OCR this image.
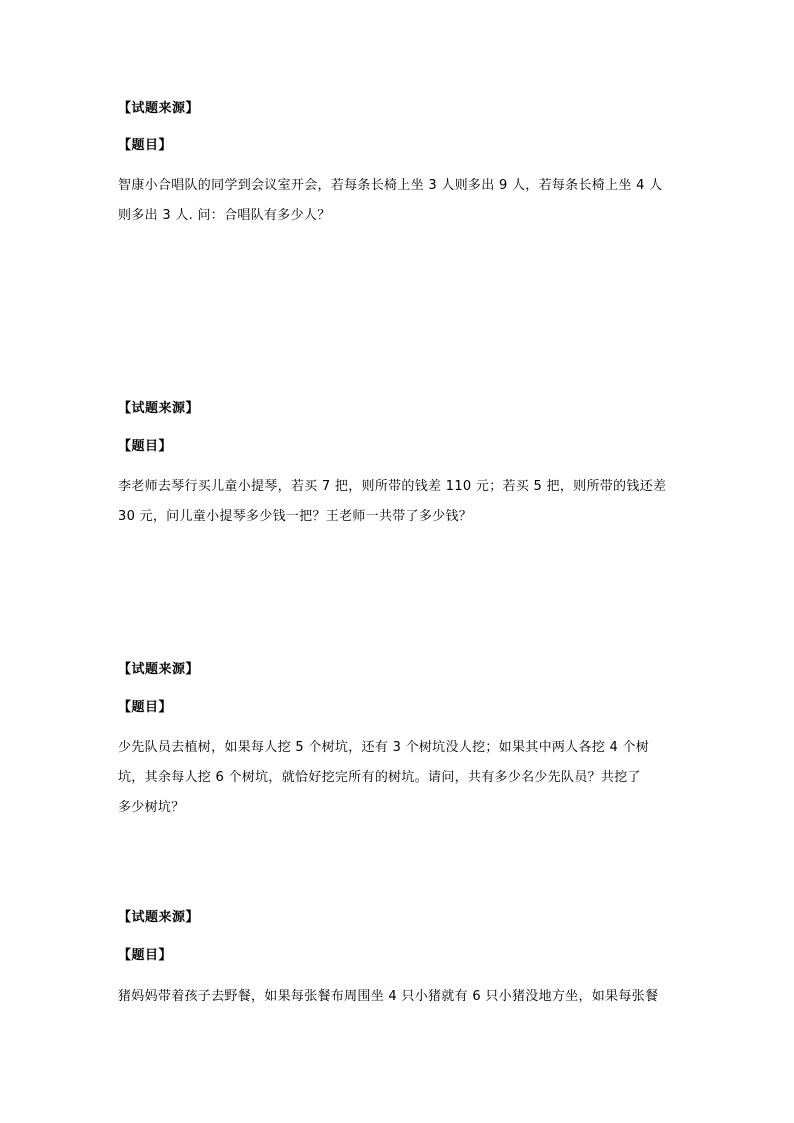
【试题来源】
【题目】
智康小合唱队的同学到会议室开会，若每条长椅上坐 3 人则多出 9 人，若每条长椅上坐 4 人
则多出 3 人. 问：合唱队有多少人？
【试题来源】
【题目】
李老师去琴行买儿童小提琴，若买 7 把，则所带的钱差 110 元；若买 5 把，则所带的钱还差
30 元，问儿童小提琴多少钱一把？王老师一共带了多少钱？
【试题来源】
【题目】
少先队员去植树，如果每人挖 5 个树坑，还有 3 个树坑没人挖；如果其中两人各挖 4 个树
坑，其余每人挖 6 个树坑，就恰好挖完所有的树坑。请问，共有多少名少先队员？共挖了
多少树坑？
【试题来源】
【题目】
猪妈妈带着孩子去野餐，如果每张餐布周围坐 4 只小猪就有 6 只小猪没地方坐，如果每张餐
